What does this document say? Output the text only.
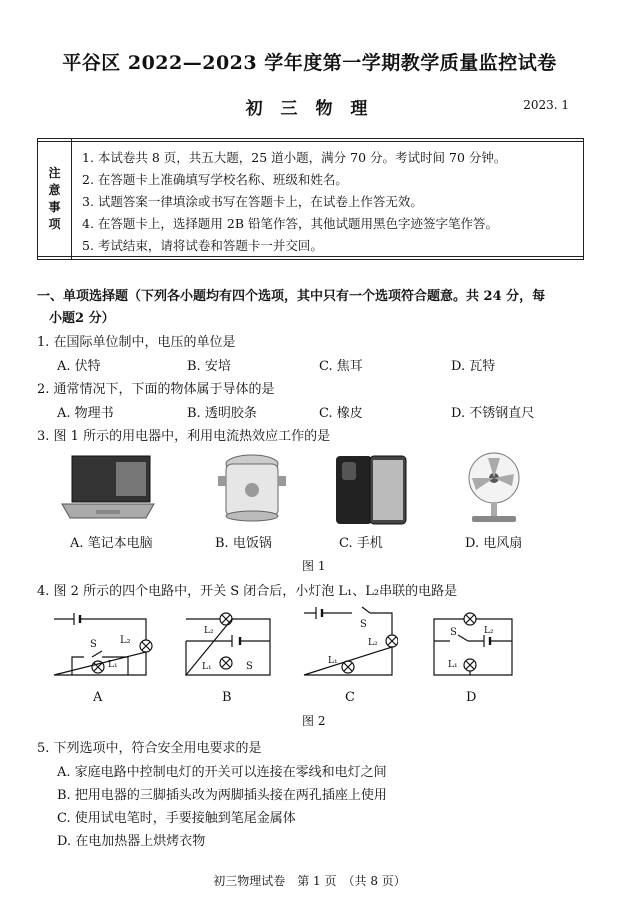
平谷区 2022—2023 学年度第一学期教学质量监控试卷
初 三 物 理	2023. 1
注
意
事
项
1. 本试卷共 8 页，共五大题，25 道小题，满分 70 分。考试时间 70 分钟。
2. 在答题卡上准确填写学校名称、班级和姓名。
3. 试题答案一律填涂或书写在答题卡上，在试卷上作答无效。
4. 在答题卡上，选择题用 2B 铅笔作答，其他试题用黑色字迹签字笔作答。
5. 考试结束，请将试卷和答题卡一并交回。
一、单项选择题（下列各小题均有四个选项，其中只有一个选项符合题意。共 24 分，每
小题2 分）
1. 在国际单位制中，电压的单位是
A. 伏特	B. 安培	C. 焦耳	D. 瓦特
2. 通常情况下，下面的物体属于导体的是
A. 物理书	B. 透明胶条	C. 橡皮	D. 不锈钢直尺
3. 图 1 所示的用电器中，利用电流热效应工作的是
A. 笔记本电脑	B. 电饭锅	C. 手机	D. 电风扇
图 1
4. 图 2 所示的四个电路中，开关 S 闭合后，小灯泡 L₁、L₂串联的电路是
S L₂
L₁
L₂
L₁	S
S
L₂
L₁
S	L₂
L₁
A	B	C	D
图 2
5. 下列选项中，符合安全用电要求的是
A. 家庭电路中控制电灯的开关可以连接在零线和电灯之间
B. 把用电器的三脚插头改为两脚插头接在两孔插座上使用
C. 使用试电笔时，手要接触到笔尾金属体
D. 在电加热器上烘烤衣物
初三物理试卷　第 1 页　（共 8 页）
